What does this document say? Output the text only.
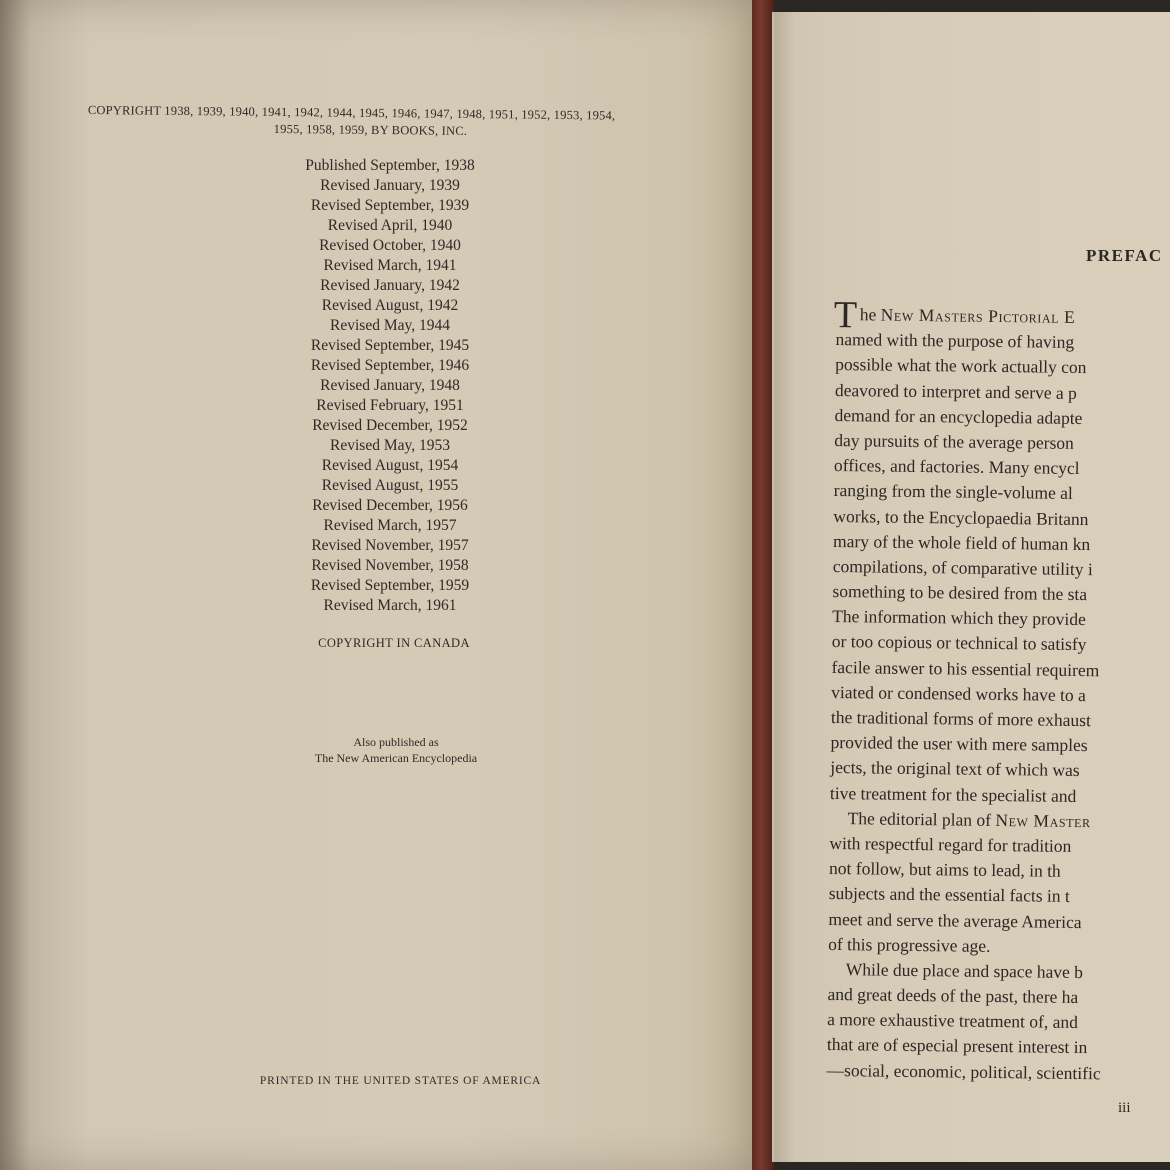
COPYRIGHT 1938, 1939, 1940, 1941, 1942, 1944, 1945, 1946, 1947, 1948, 1951, 1952, 1953, 1954,
1955, 1958, 1959, BY BOOKS, INC.
Published September, 1938
Revised January, 1939
Revised September, 1939
Revised April, 1940
Revised October, 1940
Revised March, 1941
Revised January, 1942
Revised August, 1942
Revised May, 1944
Revised September, 1945
Revised September, 1946
Revised January, 1948
Revised February, 1951
Revised December, 1952
Revised May, 1953
Revised August, 1954
Revised August, 1955
Revised December, 1956
Revised March, 1957
Revised November, 1957
Revised November, 1958
Revised September, 1959
Revised March, 1961
COPYRIGHT IN CANADA
Also published as
The New American Encyclopedia
PRINTED IN THE UNITED STATES OF AMERICA
PREFAC
T he New Masters Pictorial E
named with the purpose of having
possible what the work actually con
deavored to interpret and serve a p
demand for an encyclopedia adapte
day pursuits of the average person
offices, and factories. Many encycl
ranging from the single-volume al
works, to the Encyclopaedia Britann
mary of the whole field of human kn
compilations, of comparative utility i
something to be desired from the sta
The information which they provide
or too copious or technical to satisfy
facile answer to his essential requirem
viated or condensed works have to a
the traditional forms of more exhaust
provided the user with mere samples
jects, the original text of which was
tive treatment for the specialist and
The editorial plan of New Master
with respectful regard for tradition
not follow, but aims to lead, in th
subjects and the essential facts in t
meet and serve the average America
of this progressive age.
While due place and space have b
and great deeds of the past, there ha
a more exhaustive treatment of, and
that are of especial present interest in
—social, economic, political, scientific
iii
